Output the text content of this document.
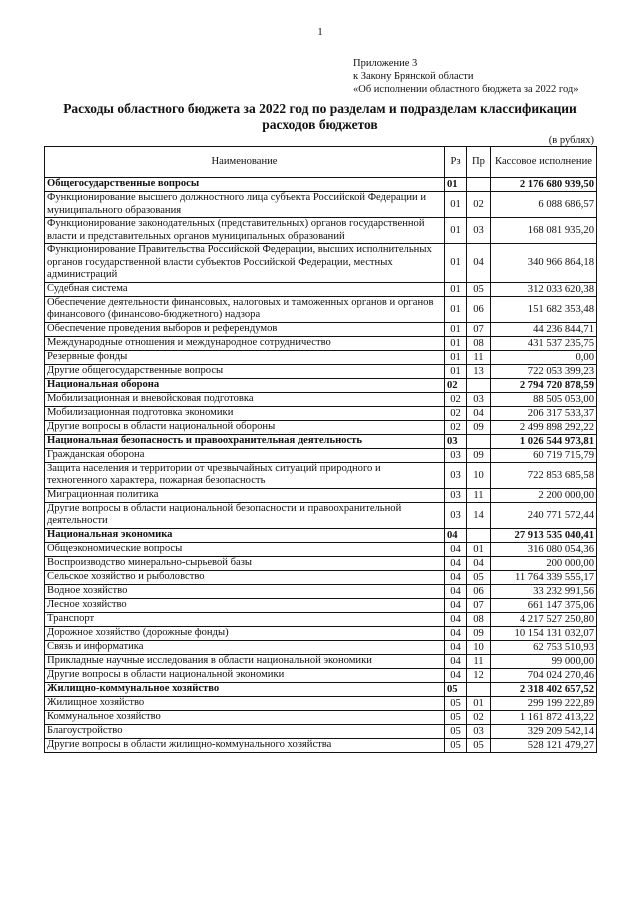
1
Приложение 3
к Закону Брянской области
«Об исполнении областного бюджета за 2022 год»
Расходы областного бюджета за 2022 год по разделам и подразделам классификации
расходов бюджетов
(в рублях)
Наименование	Рз	Пр	Кассовое исполнение
Общегосударственные вопросы	01		2 176 680 939,50
Функционирование высшего должностного лица субъекта Российской Федерации и муниципального образования	01	02	6 088 686,57
Функционирование законодательных (представительных) органов государственной власти и представительных органов муниципальных образований	01	03	168 081 935,20
Функционирование Правительства Российской Федерации, высших исполнительных органов государственной власти субъектов Российской Федерации, местных администраций	01	04	340 966 864,18
Судебная система	01	05	312 033 620,38
Обеспечение деятельности финансовых, налоговых и таможенных органов и органов финансового (финансово-бюджетного) надзора	01	06	151 682 353,48
Обеспечение проведения выборов и референдумов	01	07	44 236 844,71
Международные отношения и международное сотрудничество	01	08	431 537 235,75
Резервные фонды	01	11	0,00
Другие общегосударственные вопросы	01	13	722 053 399,23
Национальная оборона	02		2 794 720 878,59
Мобилизационная и вневойсковая подготовка	02	03	88 505 053,00
Мобилизационная подготовка экономики	02	04	206 317 533,37
Другие вопросы в области национальной обороны	02	09	2 499 898 292,22
Национальная безопасность и правоохранительная деятельность	03		1 026 544 973,81
Гражданская оборона	03	09	60 719 715,79
Защита населения и территории от чрезвычайных ситуаций природного и техногенного характера, пожарная безопасность	03	10	722 853 685,58
Миграционная политика	03	11	2 200 000,00
Другие вопросы в области национальной безопасности и правоохранительной деятельности	03	14	240 771 572,44
Национальная экономика	04		27 913 535 040,41
Общеэкономические вопросы	04	01	316 080 054,36
Воспроизводство минерально-сырьевой базы	04	04	200 000,00
Сельское хозяйство и рыболовство	04	05	11 764 339 555,17
Водное хозяйство	04	06	33 232 991,56
Лесное хозяйство	04	07	661 147 375,06
Транспорт	04	08	4 217 527 250,80
Дорожное хозяйство (дорожные фонды)	04	09	10 154 131 032,07
Связь и информатика	04	10	62 753 510,93
Прикладные научные исследования в области национальной экономики	04	11	99 000,00
Другие вопросы в области национальной экономики	04	12	704 024 270,46
Жилищно-коммунальное хозяйство	05		2 318 402 657,52
Жилищное хозяйство	05	01	299 199 222,89
Коммунальное хозяйство	05	02	1 161 872 413,22
Благоустройство	05	03	329 209 542,14
Другие вопросы в области жилищно-коммунального хозяйства	05	05	528 121 479,27
